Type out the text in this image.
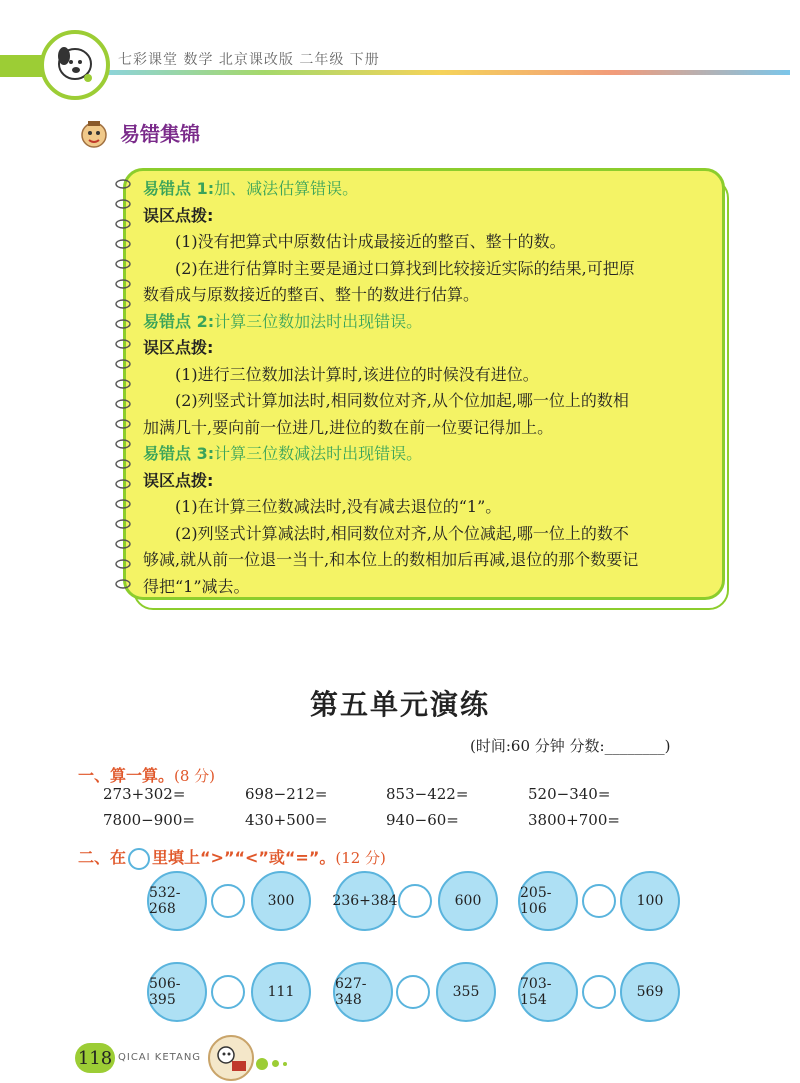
七彩课堂 数学 北京课改版 二年级 下册
易错集锦
易错点 1:加、减法估算错误。
误区点拨:
(1)没有把算式中原数估计成最接近的整百、整十的数。
(2)在进行估算时主要是通过口算找到比较接近实际的结果,可把原
数看成与原数接近的整百、整十的数进行估算。
易错点 2:计算三位数加法时出现错误。
误区点拨:
(1)进行三位数加法计算时,该进位的时候没有进位。
(2)列竖式计算加法时,相同数位对齐,从个位加起,哪一位上的数相
加满几十,要向前一位进几,进位的数在前一位要记得加上。
易错点 3:计算三位数减法时出现错误。
误区点拨:
(1)在计算三位数减法时,没有减去退位的“1”。
(2)列竖式计算减法时,相同数位对齐,从个位减起,哪一位上的数不
够减,就从前一位退一当十,和本位上的数相加后再减,退位的那个数要记
得把“1”减去。
第五单元演练
(时间:60 分钟 分数:________)
一、算一算。(8 分)
273+302=	698−212=	853−422=	520−340=
7800−900=	430+500=	940−60=	3800+700=
二、在 里填上“>”“<”或“=”。(12 分)
532-268	300	236+384	600	205-106	100
506-395	111	627-348	355	703-154	569
118 QICAI KETANG
